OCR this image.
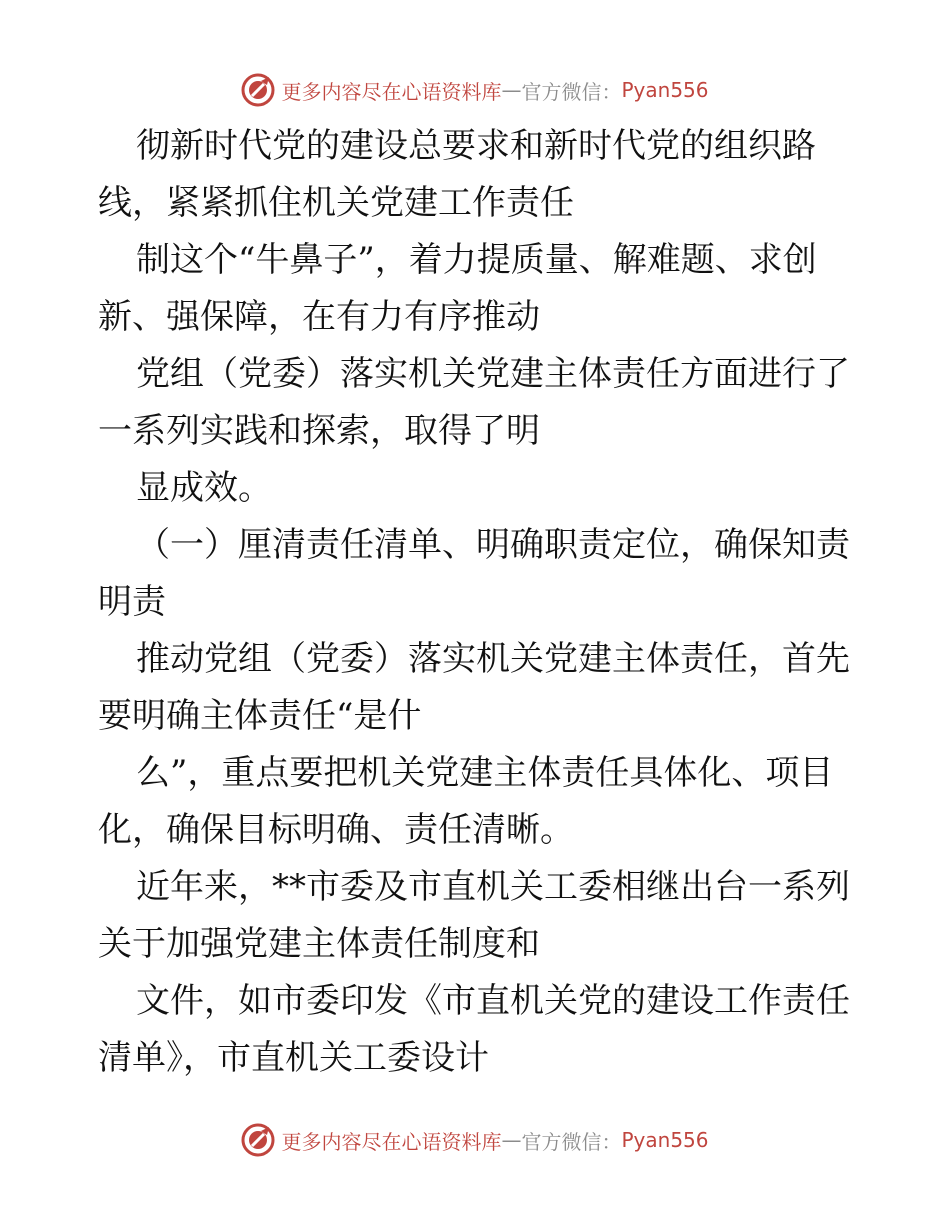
更多内容尽在心语资料库 — 官方微信： Pyan556
彻新时代党的建设总要求和新时代党的组织路
线，紧紧抓住机关党建工作责任
制这个“牛鼻子”，着力提质量、解难题、求创
新、强保障，在有力有序推动
党组（党委）落实机关党建主体责任方面进行了
一系列实践和探索，取得了明
显成效。
（一）厘清责任清单、明确职责定位，确保知责
明责
推动党组（党委）落实机关党建主体责任，首先
要明确主体责任“是什
么”，重点要把机关党建主体责任具体化、项目
化，确保目标明确、责任清晰。
近年来，**市委及市直机关工委相继出台一系列
关于加强党建主体责任制度和
文件，如市委印发《市直机关党的建设工作责任
清单》，市直机关工委设计
更多内容尽在心语资料库 — 官方微信： Pyan556
